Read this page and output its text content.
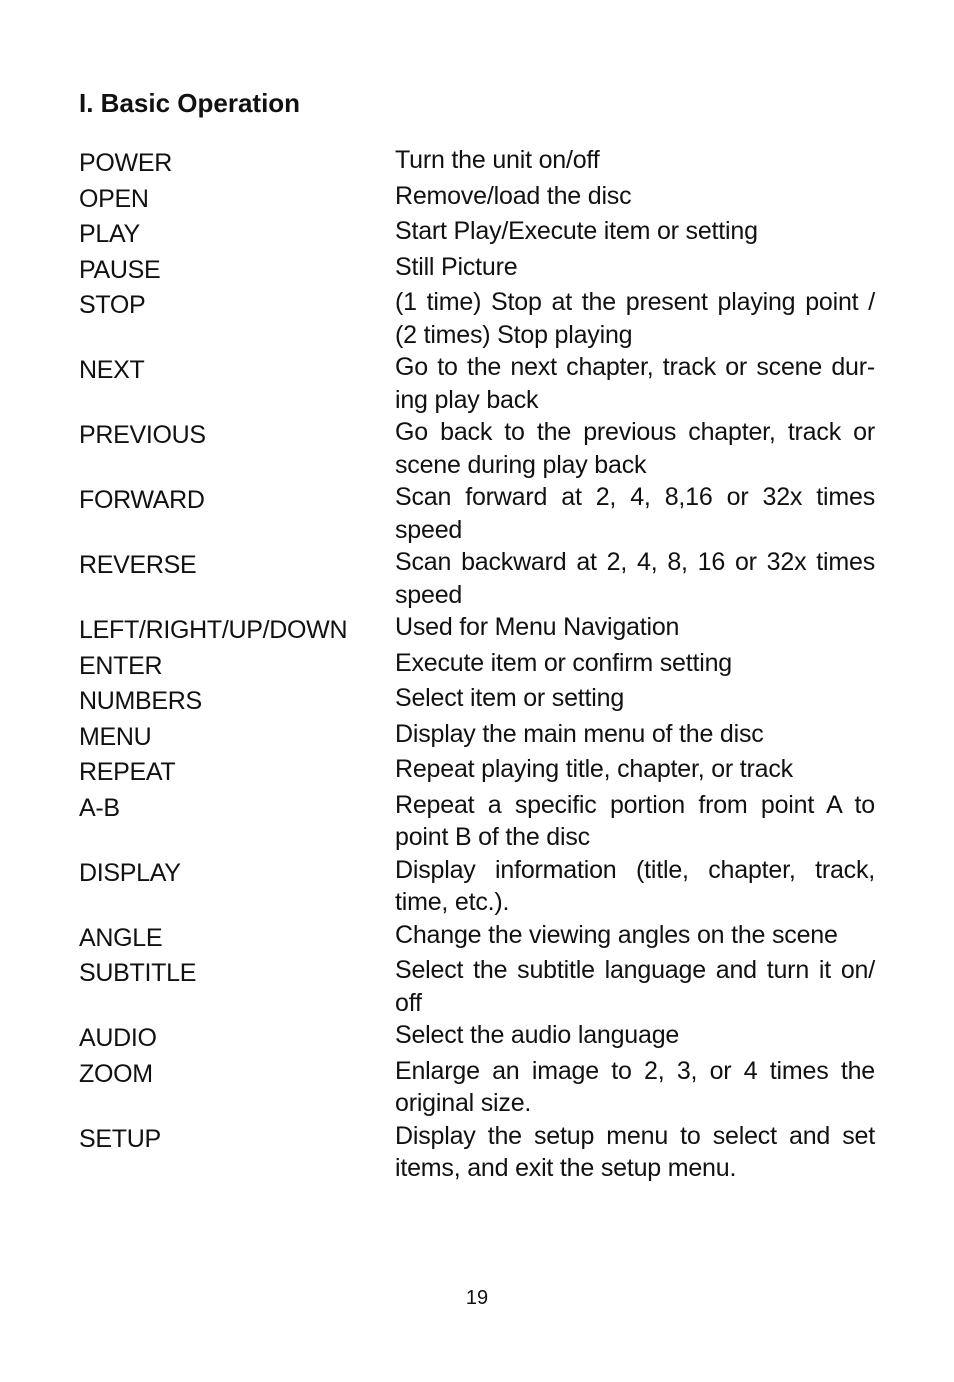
I. Basic Operation
POWER	Turn the unit on/off
OPEN	Remove/load the disc
PLAY	Start Play/Execute item or setting
PAUSE	Still Picture
STOP	(1 time) Stop at the present playing point / (2 times) Stop playing
NEXT	Go to the next chapter, track or scene dur-ing play back
PREVIOUS	Go back to the previous chapter, track or scene during play back
FORWARD	Scan forward at 2, 4, 8,16 or 32x times speed
REVERSE	Scan backward at 2, 4, 8, 16 or 32x times speed
LEFT/RIGHT/UP/DOWN	Used for Menu Navigation
ENTER	Execute item or confirm setting
NUMBERS	Select item or setting
MENU	Display the main menu of the disc
REPEAT	Repeat playing title, chapter, or track
A-B	Repeat a specific portion from point A to point B of the disc
DISPLAY	Display information (title, chapter, track, time, etc.).
ANGLE	Change the viewing angles on the scene
SUBTITLE	Select the subtitle language and turn it on/ off
AUDIO	Select the audio language
ZOOM	Enlarge an image to 2, 3, or 4 times the original size.
SETUP	Display the setup menu to select and set items, and exit the setup menu.
19
